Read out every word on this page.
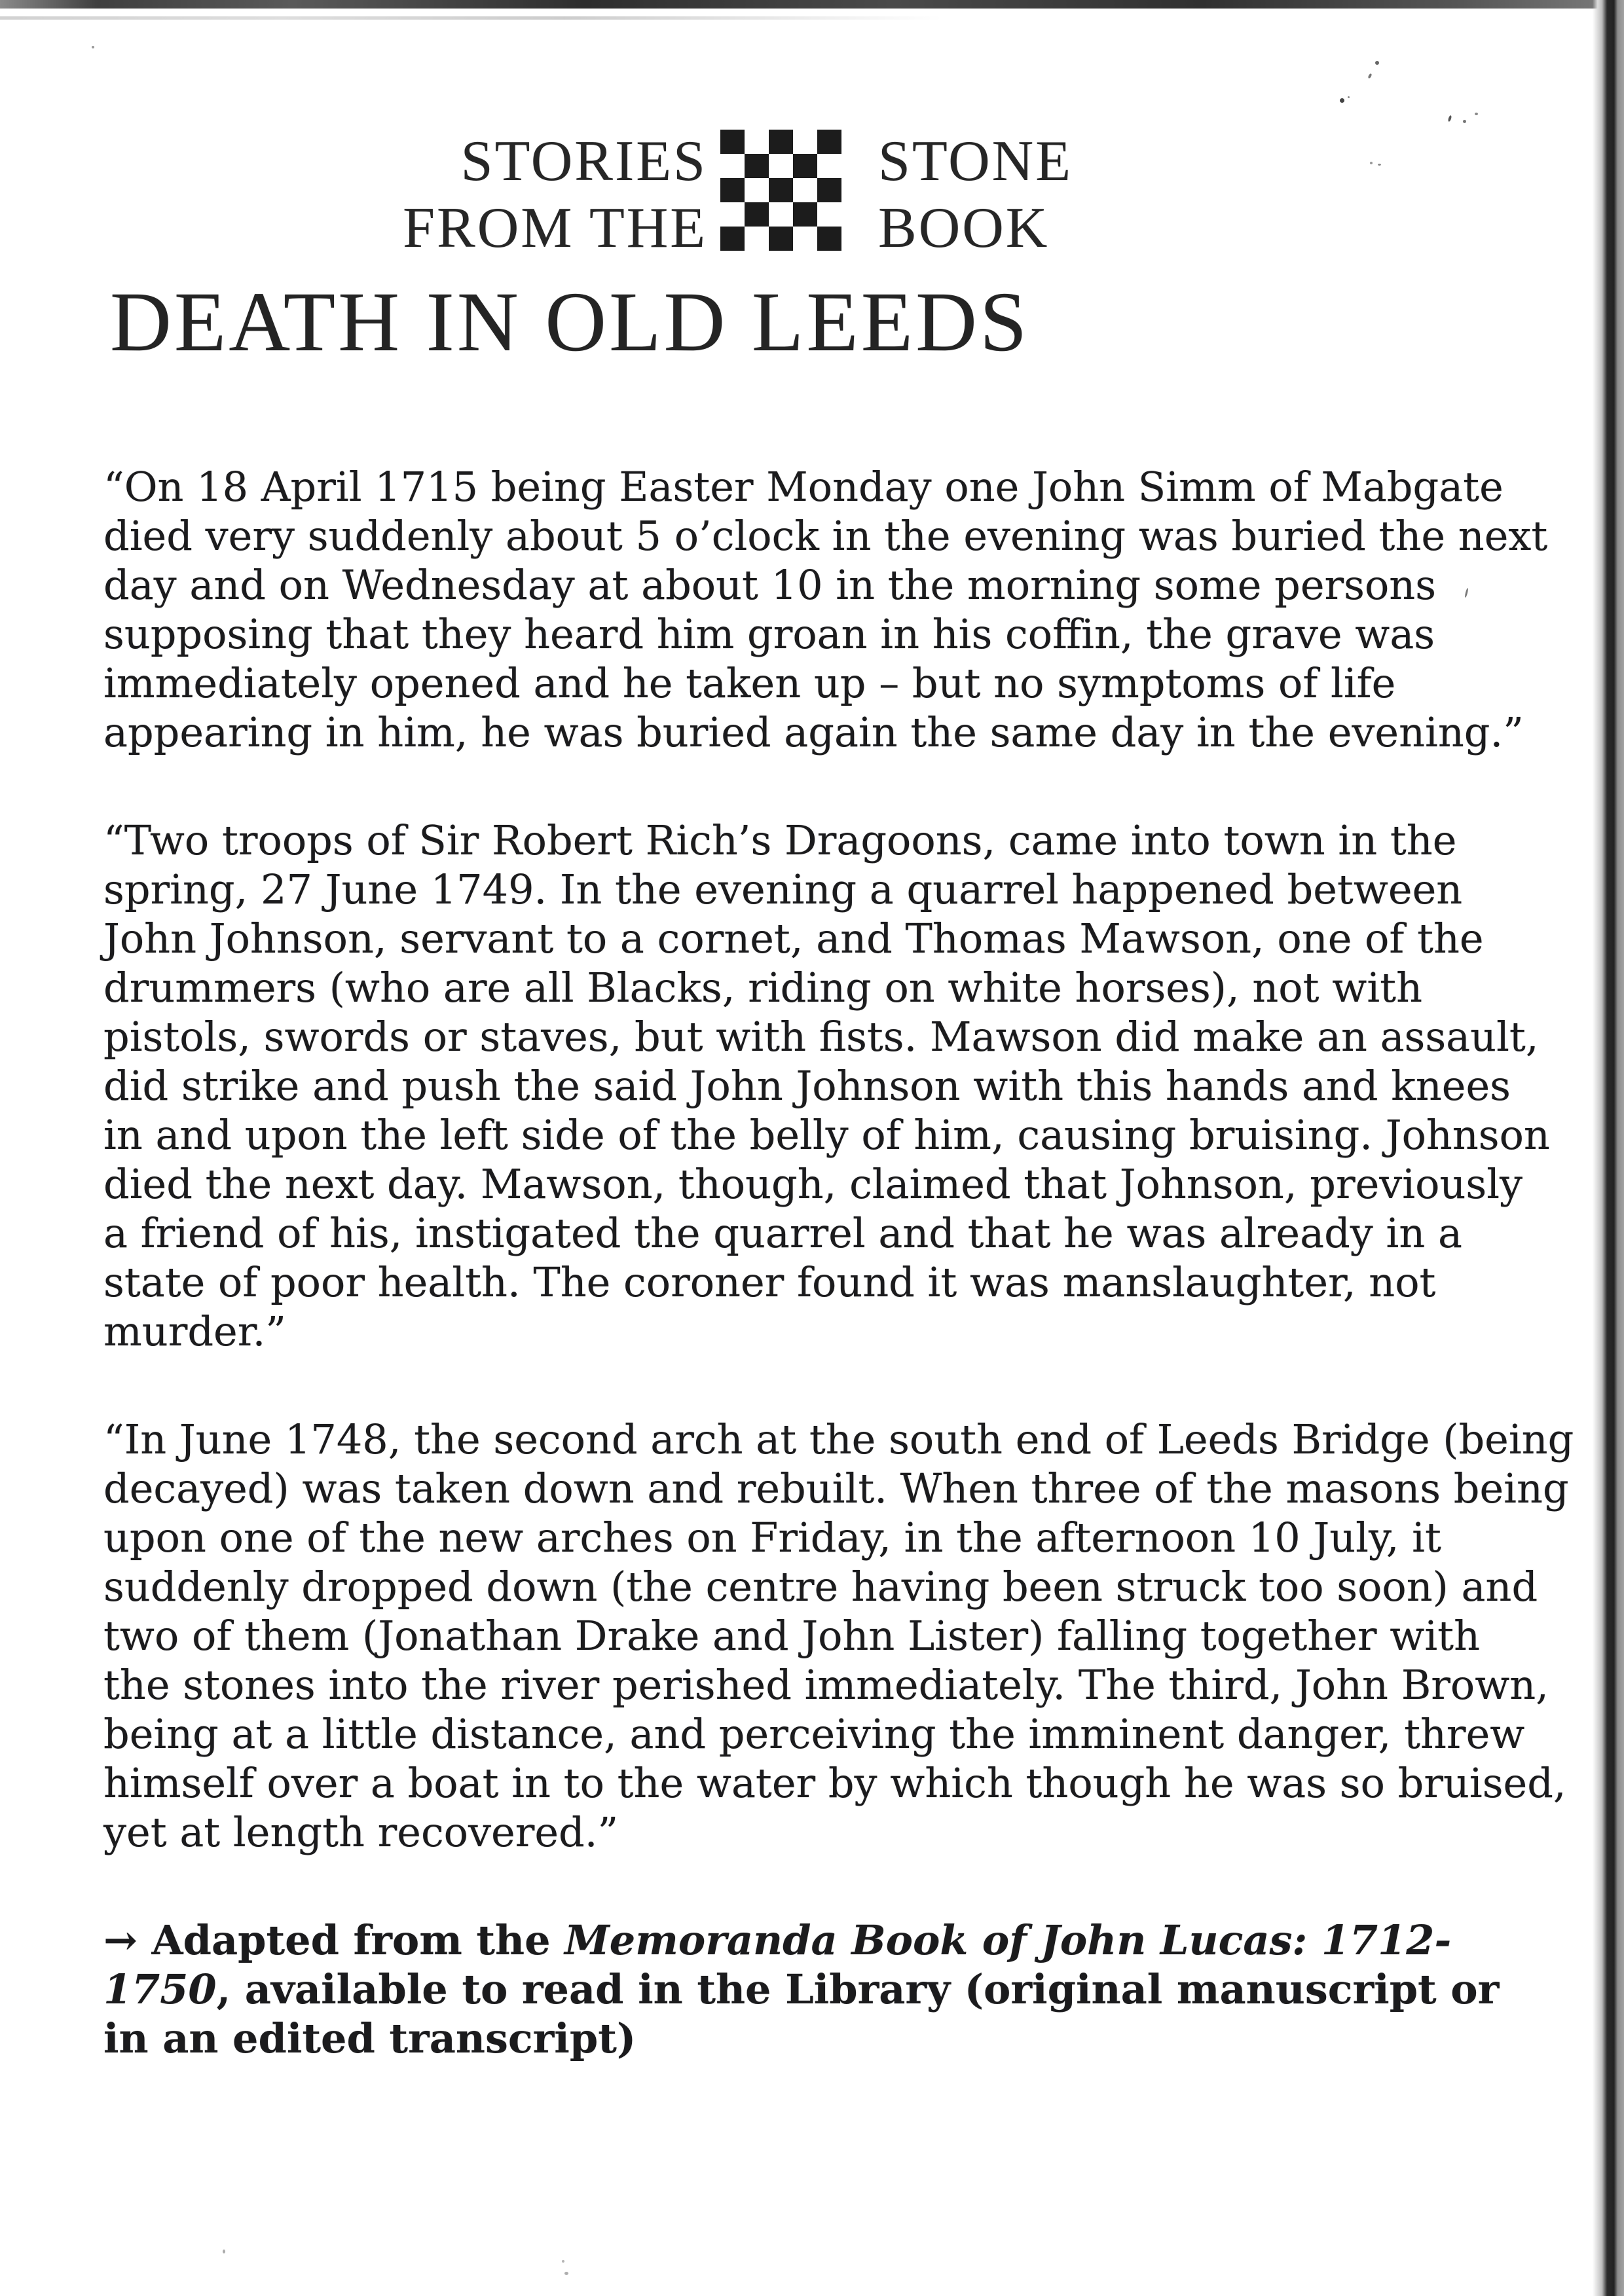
STORIES
FROM THE
STONE
BOOK
DEATH IN OLD LEEDS
“On 18 April 1715 being Easter Monday one John Simm of Mabgate
died very suddenly about 5 o’clock in the evening was buried the next
day and on Wednesday at about 10 in the morning some persons
supposing that they heard him groan in his coffin, the grave was
immediately opened and he taken up – but no symptoms of life
appearing in him, he was buried again the same day in the evening.”
“Two troops of Sir Robert Rich’s Dragoons, came into town in the
spring, 27 June 1749. In the evening a quarrel happened between
John Johnson, servant to a cornet, and Thomas Mawson, one of the
drummers (who are all Blacks, riding on white horses), not with
pistols, swords or staves, but with fists. Mawson did make an assault,
did strike and push the said John Johnson with this hands and knees
in and upon the left side of the belly of him, causing bruising. Johnson
died the next day. Mawson, though, claimed that Johnson, previously
a friend of his, instigated the quarrel and that he was already in a
state of poor health. The coroner found it was manslaughter, not
murder.”
“In June 1748, the second arch at the south end of Leeds Bridge (being
decayed) was taken down and rebuilt. When three of the masons being
upon one of the new arches on Friday, in the afternoon 10 July, it
suddenly dropped down (the centre having been struck too soon) and
two of them (Jonathan Drake and John Lister) falling together with
the stones into the river perished immediately. The third, John Brown,
being at a little distance, and perceiving the imminent danger, threw
himself over a boat in to the water by which though he was so bruised,
yet at length recovered.”
→ Adapted from the Memoranda Book of John Lucas: 1712-
1750, available to read in the Library (original manuscript or
in an edited transcript)
